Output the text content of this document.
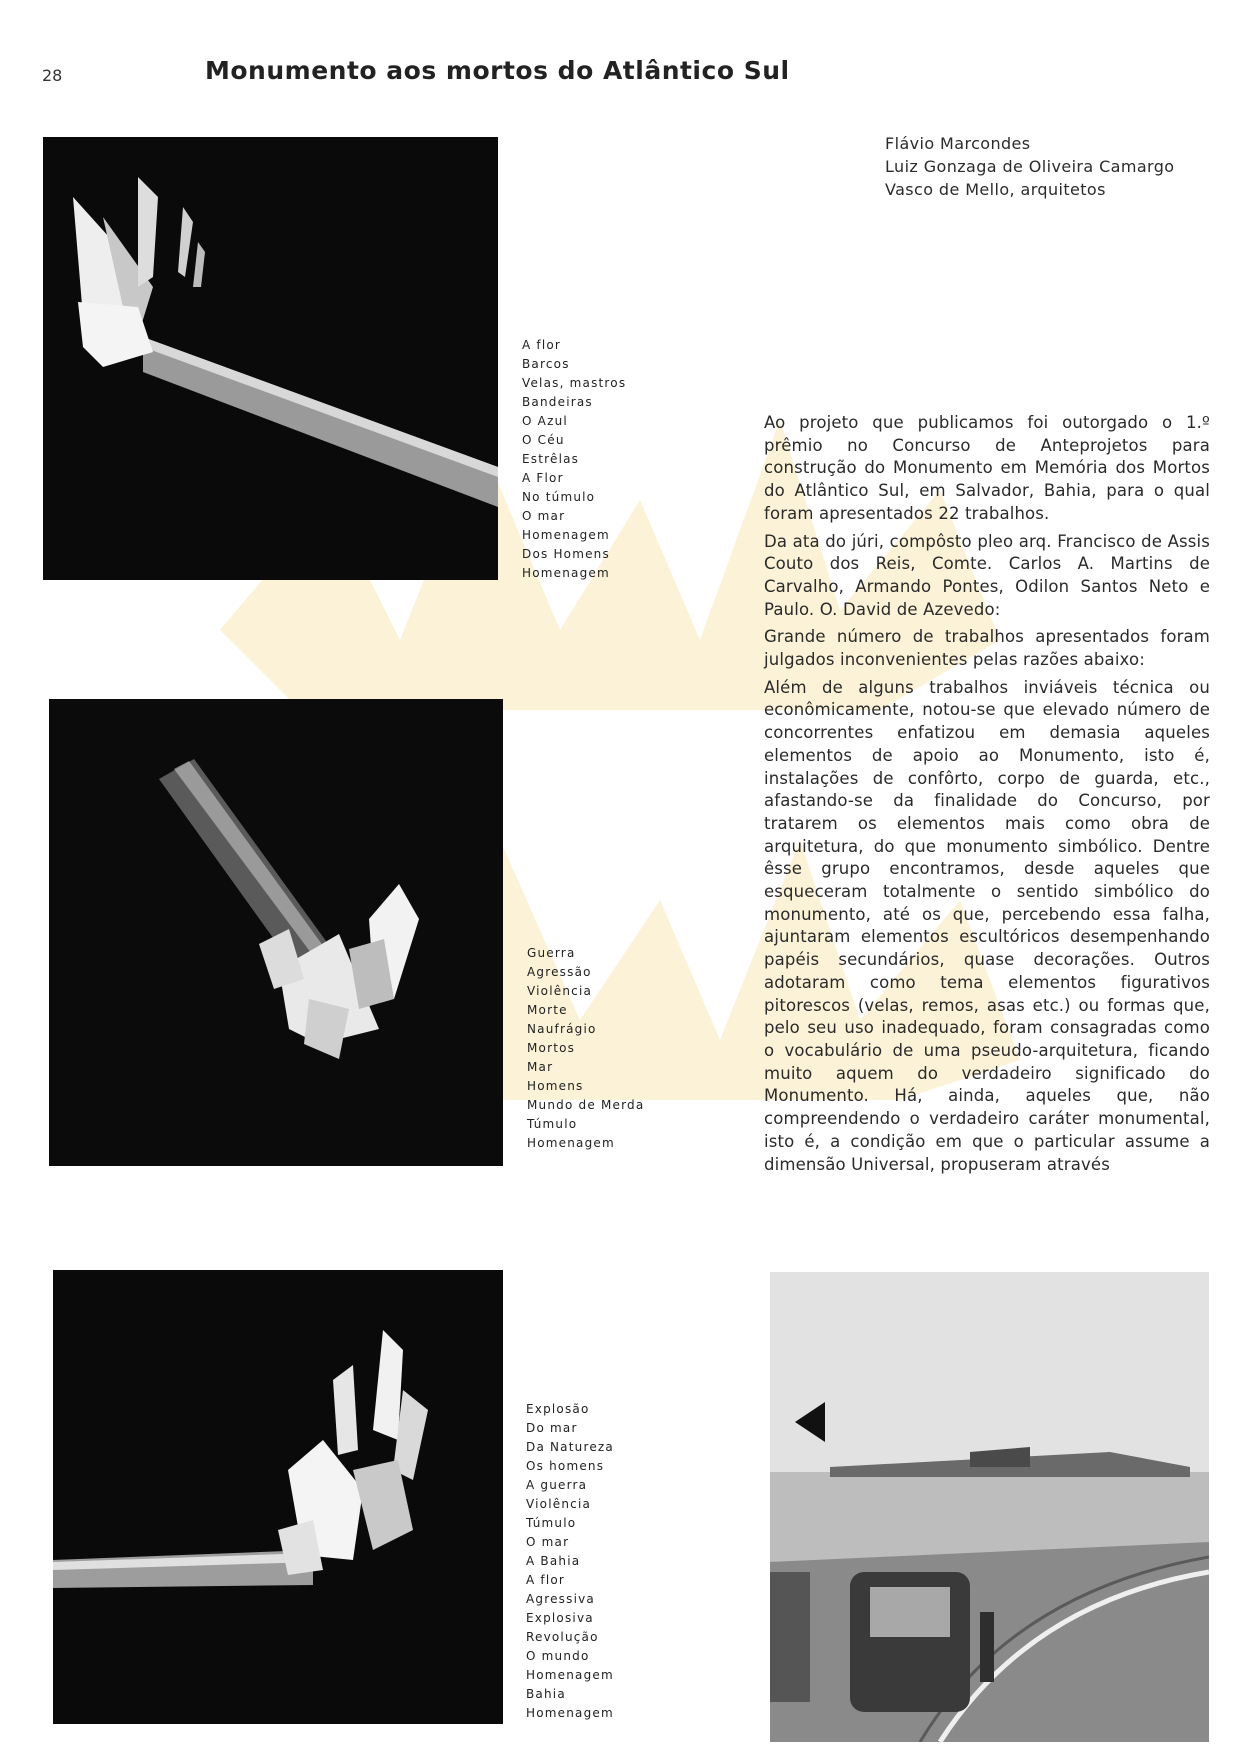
28	Monumento aos mortos do Atlântico Sul
Flávio Marcondes
Luiz Gonzaga de Oliveira Camargo
Vasco de Mello, arquitetos
A flor
Barcos
Velas, mastros
Bandeiras
O Azul
O Céu
Estrêlas
A Flor
No túmulo
O mar
Homenagem
Dos Homens
Homenagem
Guerra
Agressão
Violência
Morte
Naufrágio
Mortos
Mar
Homens
Mundo de Merda
Túmulo
Homenagem
Explosão
Do mar
Da Natureza
Os homens
A guerra
Violência
Túmulo
O mar
A Bahia
A flor
Agressiva
Explosiva
Revolução
O mundo
Homenagem
Bahia
Homenagem

Ao projeto que publicamos foi outorgado o 1.º prêmio no Concurso de Anteprojetos para construção do Monumento em Memória dos Mortos do Atlântico Sul, em Salvador, Bahia, para o qual foram apresentados 22 trabalhos.

Da ata do júri, compôsto pleo arq. Francisco de Assis Couto dos Reis, Comte. Carlos A. Martins de Carvalho, Armando Pontes, Odilon Santos Neto e Paulo. O. David de Azevedo:

Grande número de trabalhos apresentados foram julgados inconvenientes pelas razões abaixo:

Além de alguns trabalhos inviáveis técnica ou econômicamente, notou-se que elevado número de concorrentes enfatizou em demasia aqueles elementos de apoio ao Monumento, isto é, instalações de confôrto, corpo de guarda, etc., afastando-se da finalidade do Concurso, por tratarem os elementos mais como obra de arquitetura, do que monumento simbólico. Dentre êsse grupo encontramos, desde aqueles que esqueceram totalmente o sentido simbólico do monumento, até os que, percebendo essa falha, ajuntaram elementos escultóricos desempenhando papéis secundários, quase decorações. Outros adotaram como tema elementos figurativos pitorescos (velas, remos, asas etc.) ou formas que, pelo seu uso inadequado, foram consagradas como o vocabulário de uma pseudo-arquitetura, ficando muito aquem do verdadeiro significado do Monumento. Há, ainda, aqueles que, não compreendendo o verdadeiro caráter monumental, isto é, a condição em que o particular assume a dimensão Universal, propuseram através
